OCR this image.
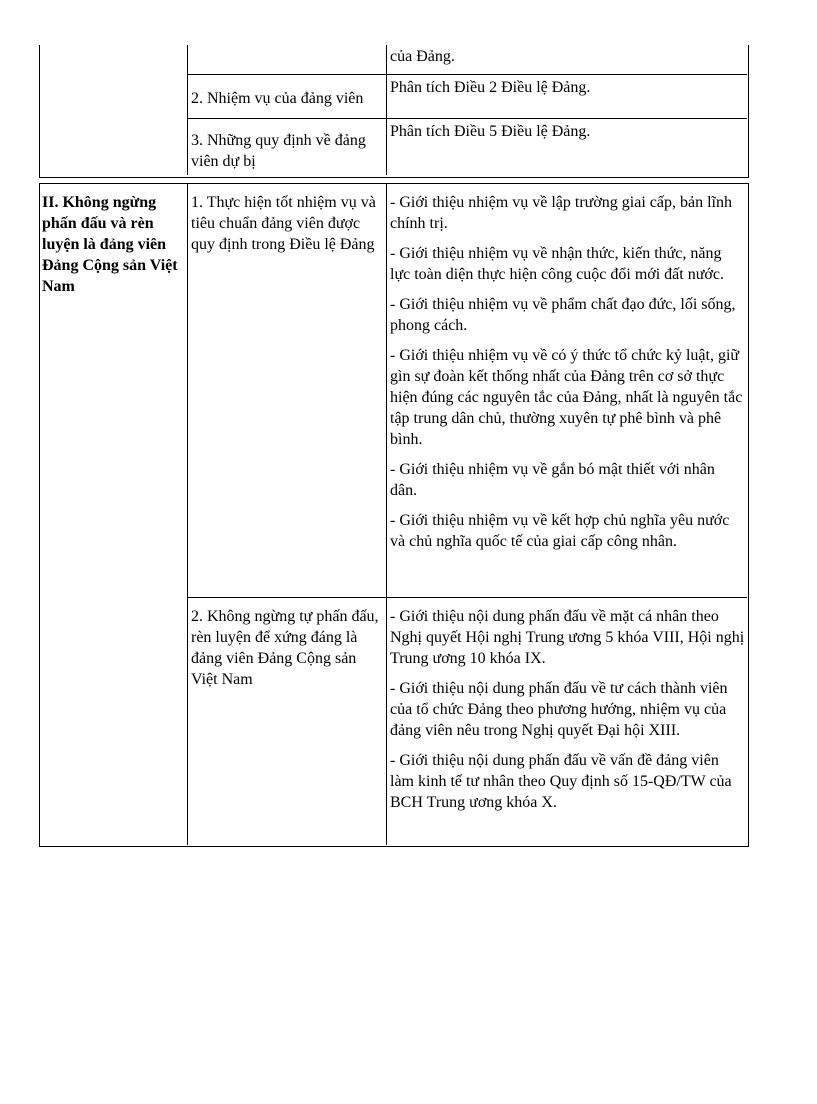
của Đảng.
2. Nhiệm vụ của đảng viên
Phân tích Điều 2 Điều lệ Đảng.
3. Những quy định về đảng viên dự bị
Phân tích Điều 5 Điều lệ Đảng.
II. Không ngừng phấn đấu và rèn luyện là đảng viên Đảng Cộng sản Việt Nam
1. Thực hiện tốt nhiệm vụ và tiêu chuẩn đảng viên được quy định trong Điều lệ Đảng

- Giới thiệu nhiệm vụ về lập trường giai cấp, bản lĩnh chính trị.

- Giới thiệu nhiệm vụ về nhận thức, kiến thức, năng lực toàn diện thực hiện công cuộc đổi mới đất nước.

- Giới thiệu nhiệm vụ về phẩm chất đạo đức, lối sống, phong cách.

- Giới thiệu nhiệm vụ về có ý thức tổ chức kỷ luật, giữ gìn sự đoàn kết thống nhất của Đảng trên cơ sở thực hiện đúng các nguyên tắc của Đảng, nhất là nguyên tắc tập trung dân chủ, thường xuyên tự phê bình và phê bình.

- Giới thiệu nhiệm vụ về gắn bó mật thiết với nhân dân.

- Giới thiệu nhiệm vụ về kết hợp chủ nghĩa yêu nước và chủ nghĩa quốc tế của giai cấp công nhân.

2. Không ngừng tự phấn đấu, rèn luyện để xứng đáng là đảng viên Đảng Cộng sản Việt Nam

- Giới thiệu nội dung phấn đấu về mặt cá nhân theo Nghị quyết Hội nghị Trung ương 5 khóa VIII, Hội nghị Trung ương 10 khóa IX.

- Giới thiệu nội dung phấn đấu về tư cách thành viên của tổ chức Đảng theo phương hướng, nhiệm vụ của đảng viên nêu trong Nghị quyết Đại hội XIII.

- Giới thiệu nội dung phấn đấu về vấn đề đảng viên làm kinh tế tư nhân theo Quy định số 15-QĐ/TW của BCH Trung ương khóa X.
